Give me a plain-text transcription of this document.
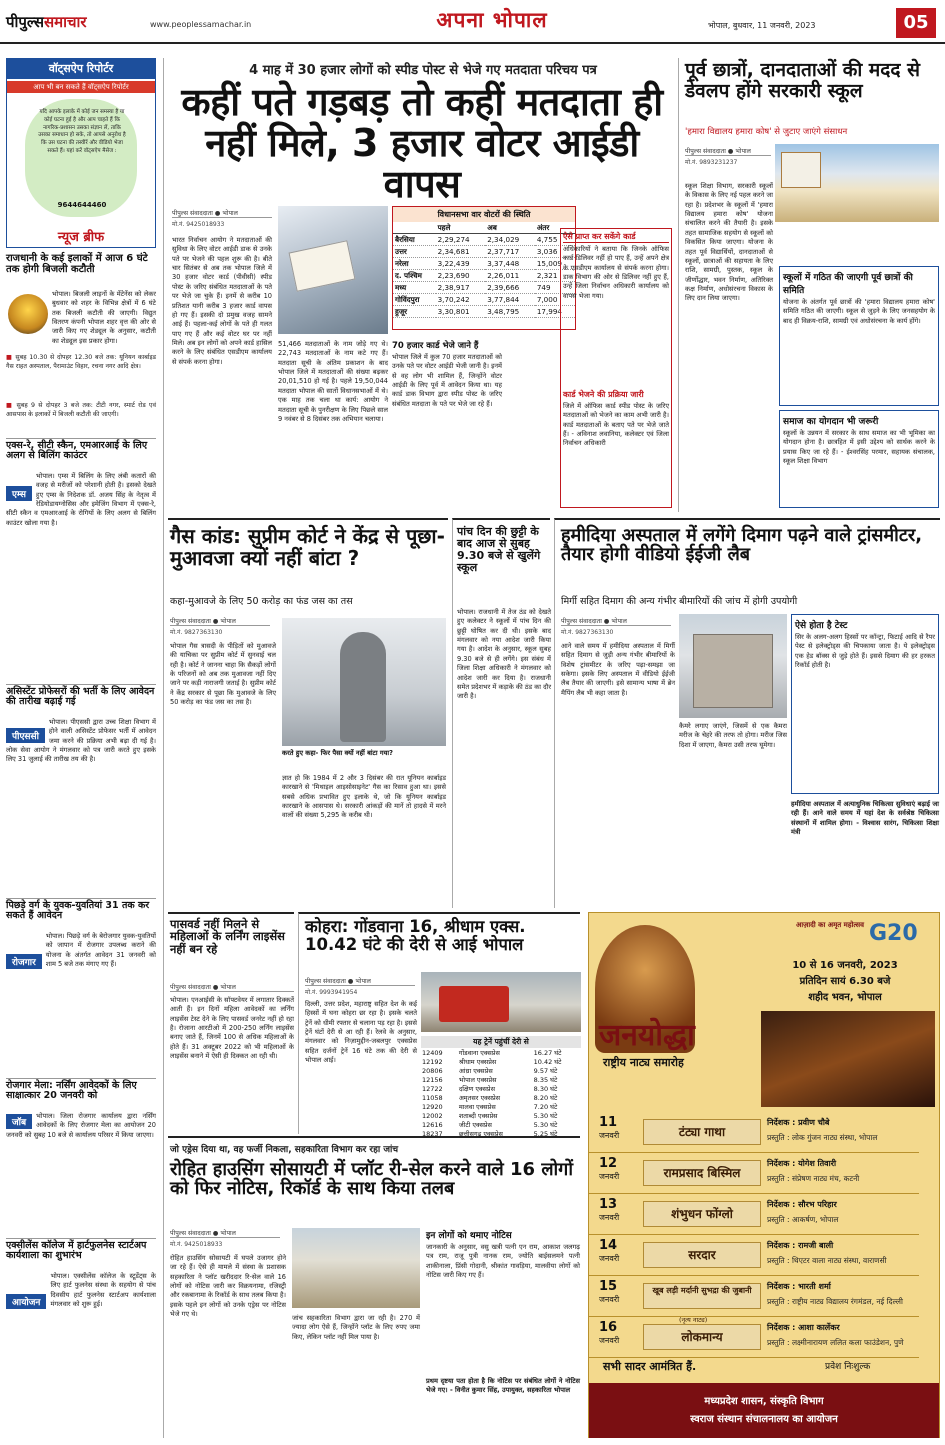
पीपुल्ससमाचार	www.peoplessamachar.in	अपना भोपाल	भोपाल, बुधवार, 11 जनवरी, 2023	05
वॉट्सऐप रिपोर्टर
आप भी बन सकते हैं वॉट्सऐप रिपोर्टर
यदि आपके इलाके में कोई जन समस्या है या कोई घटना हुई है और आप चाहते हैं कि नागरिक-प्रशासन उसका संज्ञान लें, ताकि उसका समाधान हो सके, तो आपसे अनुरोध है कि उस घटना की तस्वीरें और वीडियो भेजा सकते हैं। यहां करें वॉट्सऐप मैसेज :
9644644460
न्यूज ब्रीफ
राजधानी के कई इलाकों में आज 6 घंटे तक होगी बिजली कटौती
भोपाल। बिजली लाइनों के मेंटेनेंस को लेकर बुधवार को शहर के विभिन्न क्षेत्रों में 6 घंटे तक बिजली कटौती की जाएगी। विद्युत वितरण कंपनी भोपाल शहर वृत्त की ओर से जारी किए गए शेड्यूल के अनुसार, कटौती का शेड्यूल इस प्रकार होगा।
■ सुबह 10.30 से दोपहर 12.30 बजे तक: यूनियन कार्बाइड गैस राहत अस्पताल, पैरामाउंट विहार, रचना नगर आदि क्षेत्र।
■ सुबह 9 से दोपहर 3 बजे तक: टीटी नगर, स्मार्ट रोड एवं आसपास के इलाकों में बिजली कटौती की जाएगी।
एक्स-रे, सीटी स्कैन, एमआरआई के लिए अलग से बिलिंग काउंटर
एम्स
भोपाल। एम्स में बिलिंग के लिए लंबी कतारों की वजह से मरीजों को परेशानी होती है। इसको देखते हुए एम्स के निदेशक डॉ. अजय सिंह के नेतृत्व में रेडियोडायग्नोसिस और इमेजिंग विभाग में एक्स-रे, सीटी स्कैन व एमआरआई के रोगियों के लिए अलग से बिलिंग काउंटर खोला गया है।
असिस्टेंट प्रोफेसरों की भर्ती के लिए आवेदन की तारीख बढ़ाई गई
पीएससी
भोपाल। पीएससी द्वारा उच्च शिक्षा विभाग में होने वाली असिस्टेंट प्रोफेसर भर्ती में आवेदन जमा करने की प्रक्रिया अभी बढ़ा दी गई है। लोक सेवा आयोग ने मंगलवार को पत्र जारी करते हुए इसके लिए 31 जुलाई की तारीख तय की है।
पिछड़े वर्ग के युवक-युवतियां 31 तक कर सकते हैं आवेदन
रोजगार
भोपाल। पिछड़े वर्ग के बेरोजगार युवक-युवतियों को जापान में रोजगार उपलब्ध कराने की योजना के अंतर्गत आवेदन 31 जनवरी को शाम 5 बजे तक मंगाए गए हैं।
रोजगार मेला: नर्सिंग आवेदकों के लिए साक्षात्कार 20 जनवरी को
जॉब
भोपाल। जिला रोजगार कार्यालय द्वारा नर्सिंग आवेदकों के लिए रोजगार मेला का आयोजन 20 जनवरी को सुबह 10 बजे से कार्यालय परिसर में किया जाएगा।
एक्सीलेंस कॉलेज में हार्टफुलनेस स्टार्टअप कार्यशाला का शुभारंभ
आयोजन
भोपाल। एक्सीलेंस कॉलेज के स्टूडेंट्स के लिए हार्ट फुलनेस संस्था के सहयोग से पांच दिवसीय हार्ट फुलनेस स्टार्टअप कार्यशाला मंगलवार को शुरू हुई।
4 माह में 30 हजार लोगों को स्पीड पोस्ट से भेजे गए मतदाता परिचय पत्र
कहीं पते गड़बड़ तो कहीं मतदाता ही नहीं मिले, 3 हजार वोटर आईडी वापस
पीपुल्स संवाददाता ● भोपाल
मो.नं. 9425018933
भारत निर्वाचन आयोग ने मतदाताओं की सुविधा के लिए वोटर आईडी डाक से उनके पते पर भेजने की पहल शुरू की है। बीते चार सितंबर से अब तक भोपाल जिले में 30 हजार वोटर कार्ड (पीवीसी) स्पीड पोस्ट के जरिए संबंधित मतदाताओं के पते पर भेजे जा चुके हैं। इनमें से करीब 10 प्रतिशत यानी करीब 3 हजार कार्ड वापस हो गए हैं। इसकी दो प्रमुख वजह सामने आई हैं। पहला-कई लोगों के पते ही गलत पाए गए हैं और कई वोटर घर पर नहीं मिले। अब इन लोगों को अपने कार्ड हासिल करने के लिए संबंधित एसडीएम कार्यालय से संपर्क करना होगा।
51,466 मतदाताओं के नाम जोड़े गए थे। 22,743 मतदाताओं के नाम कटे गए हैं। मतदाता सूची के अंतिम प्रकाशन के बाद भोपाल जिले में मतदाताओं की संख्या बढ़कर 20,01,510 हो गई है। पहले 19,50,044 मतदाता भोपाल की सातों विधानसभाओं में थे। एक माह तक चला था कार्य: आयोग ने मतदाता सूची के पुनरीक्षण के लिए पिछले साल 9 नवंबर से 8 दिसंबर तक अभियान चलाया।
विधानसभा वार वोटरों की स्थिति
	पहले	अब	अंतर
बैरसिया	2,29,274	2,34,029	4,755
उत्तर	2,34,681	2,37,717	3,036
नरेला	3,22,439	3,37,448	15,009
द. पश्चिम	2,23,690	2,26,011	2,321
मध्य	2,38,917	2,39,666	749
गोविंदपुरा	3,70,242	3,77,844	7,000
हुजूर	3,30,801	3,48,795	17,994
70 हजार कार्ड भेजे जाने हैं
भोपाल जिले में कुल 70 हजार मतदाताओं को उनके पते पर वोटर आईडी भेजी जानी है। इनमें से वह लोग भी शामिल हैं, जिन्होंने वोटर आईडी के लिए पूर्व में आवेदन किया था। यह कार्ड डाक विभाग द्वारा स्पीड पोस्ट के जरिए संबंधित मतदाता के पते पर भेजे जा रहे हैं।
ऐसे प्राप्त कर सकेंगे कार्ड
अधिकारियों ने बताया कि जिनके ऑफिस कार्ड डिलिवर नहीं हो पाए हैं, उन्हें अपने क्षेत्र के एसडीएम कार्यालय से संपर्क करना होगा। डाक विभाग की ओर से डिलिवर नहीं हुए हैं, उन्हें जिला निर्वाचन अधिकारी कार्यालय को वापस भेजा गया।
कार्ड भेजने की प्रक्रिया जारी
जिले में ऑफिस कार्ड स्पीड पोस्ट के जरिए मतदाताओं को भेजने का काम अभी जारी है। कार्ड मतदाताओं के बताए पते पर भेजे जाते हैं। - अविनाश लवानिया, कलेक्टर एवं जिला निर्वाचन अधिकारी
पूर्व छात्रों, दानदाताओं की मदद से डेवलप होंगे सरकारी स्कूल
'हमारा विद्यालय हमारा कोष' से जुटाए जाएंगे संसाधन
पीपुल्स संवाददाता ● भोपाल
मो.नं. 9893231237
स्कूल शिक्षा विभाग, सरकारी स्कूलों के विकास के लिए नई पहल करने जा रहा है। प्रदेशभर के स्कूलों में 'हमारा विद्यालय हमारा कोष' योजना संचालित करने की तैयारी है। इसके तहत सामाजिक सहयोग से स्कूलों को विकसित किया जाएगा। योजना के तहत पूर्व विद्यार्थियों, दानदाताओं से स्कूलों, छात्राओं की सहायता के लिए राशि, सामग्री, पुस्तक, स्कूल के जीर्णोद्धार, भवन निर्माण, अतिरिक्त कक्ष निर्माण, अधोसंरचना विकास के लिए दान लिया जाएगा।
स्कूलों में गठित की जाएगी पूर्व छात्रों की समिति
योजना के अंतर्गत पूर्व छात्रों की 'हमारा विद्यालय हमारा कोष' समिति गठित की जाएगी। स्कूल से जुड़ने के लिए जनसहयोग के बाद ही विक्रय-राशि, सामग्री एवं अधोसंरचना के कार्य होंगे।
समाज का योगदान भी जरूरी
स्कूलों के उन्नयन में सरकार के साथ समाज का भी भूमिका का योगदान होना है। छात्रहित में इसी उद्देश्य को सार्थक करने के प्रयास किए जा रहे हैं। - ईश्वरसिंह परमार, सहायक संचालक, स्कूल शिक्षा विभाग
गैस कांड: सुप्रीम कोर्ट ने केंद्र से पूछा-मुआवजा क्यों नहीं बांटा ?
कहा-मुआवजे के लिए 50 करोड़ का फंड जस का तस
पीपुल्स संवाददाता ● भोपाल
मो.नं. 9827363130
भोपाल गैस त्रासदी के पीड़ितों को मुआवजे की याचिका पर सुप्रीम कोर्ट में सुनवाई चल रही है। कोर्ट ने जानना चाहा कि सैकड़ों लोगों के परिजनों को अब तक मुआवजा नहीं दिए जाने पर कड़ी नाराजगी जताई है। सुप्रीम कोर्ट ने केंद्र सरकार से पूछा कि मुआवजे के लिए 50 करोड़ का फंड जस का तस है।
करते हुए कहा- फिर पैसा क्यों नहीं बांटा गया?
ज्ञात हो कि 1984 में 2 और 3 दिसंबर की रात यूनियन कार्बाइड कारखाने से 'मिथाइल आइसोसाइनेट' गैस का रिसाव हुआ था। इससे सबसे अधिक प्रभावित हुए इलाके थे, जो कि यूनियन कार्बाइड कारखाने के आसपास थे। सरकारी आंकड़ों की मानें तो हादसे में मरने वालों की संख्या 5,295 के करीब थी।
पांच दिन की छुट्टी के बाद आज से सुबह 9.30 बजे से खुलेंगे स्कूल
भोपाल। राजधानी में तेज ठंड को देखते हुए कलेक्टर ने स्कूलों में पांच दिन की छुट्टी घोषित कर दी थी। इसके बाद मंगलवार को नया आदेश जारी किया गया है। आदेश के अनुसार, स्कूल सुबह 9.30 बजे से ही लगेंगे। इस संबंध में जिला शिक्षा अधिकारी ने मंगलवार को आदेश जारी कर दिया है। राजधानी समेत प्रदेशभर में कड़ाके की ठंड का दौर जारी है।
हमीदिया अस्पताल में लगेंगे दिमाग पढ़ने वाले ट्रांसमीटर, तैयार होगी वीडियो ईईजी लैब
मिर्गी सहित दिमाग की अन्य गंभीर बीमारियों की जांच में होगी उपयोगी
पीपुल्स संवाददाता ● भोपाल
मो.नं. 9827363130
आने वाले समय में हमीदिया अस्पताल में मिर्गी सहित दिमाग से जुड़ी अन्य गंभीर बीमारियों के विशेष ट्रांसमीटर के जरिए पढ़ा-समझा जा सकेगा। इसके लिए अस्पताल में वीडियो ईईजी लैब तैयार की जाएगी। इसे सामान्य भाषा में ब्रेन मैपिंग लैब भी कहा जाता है।
कैमरे लगाए जाएंगे, जिसमें से एक कैमरा मरीज के चेहरे की तरफ तो होगा। मरीज जिस दिशा में जाएगा, कैमरा उसी तरफ घूमेगा।
ऐसे होता है टेस्ट
सिर के अलग-अलग हिस्सों पर कॉन्ट्रा, फिटाई आदि से रैपर पेस्ट से इलेक्ट्रोड्स की चिपकाया जाता है। ये इलेक्ट्रोड्स एक हेड बॉक्स से जुड़े होते हैं। इससे दिमाग की हर हरकत रिकॉर्ड होती है।
हमीदिया अस्पताल में अत्याधुनिक चिकित्सा सुविधाएं बढ़ाई जा रही हैं। आने वाले समय में यहां देश के सर्वश्रेष्ठ चिकित्सा संस्थानों में शामिल होगा। - विश्वास सारंग, चिकित्सा शिक्षा मंत्री
पासवर्ड नहीं मिलने से महिलाओं के लर्निंग लाइसेंस नहीं बन रहे
पीपुल्स संवाददाता ● भोपाल
भोपाल। एनआईसी के सॉफ्टवेयर में लगातार दिक्कतें आती हैं। इन दिनों महिला आवेदकों का लर्निंग लाइसेंस टेस्ट देने के लिए पासवर्ड जनरेट नहीं हो रहा है। रोजाना आरटीओ में 200-250 लर्निंग लाइसेंस बनाए जाते हैं, जिनमें 100 से अधिक महिलाओं के होते हैं। 31 अक्टूबर 2022 को भी महिलाओं के लाइसेंस बनाने में ऐसी ही दिक्कत आ रही थी।
कोहरा: गोंडवाना 16, श्रीधाम एक्स. 10.42 घंटे की देरी से आई भोपाल
पीपुल्स संवाददाता ● भोपाल
मो.नं. 9993941954
दिल्ली, उत्तर प्रदेश, महाराष्ट्र सहित देश के कई हिस्सों में घना कोहरा छा रहा है। इसके चलते ट्रेनें को धीमी रफ्तार से चलाना पड़ रहा है। इससे ट्रेनें घंटों देरी से आ रही हैं। रेलवे के अनुसार, मंगलवार को निज़ामुद्दीन-जबलपुर एक्सप्रेस सहित दर्जनों ट्रेनें 16 घंटे तक की देरी से भोपाल आई।
यह ट्रेनें पहुंचीं देरी से
12409	गोंडवाना एक्सप्रेस	16.27 घंटे
12192	श्रीधाम एक्सप्रेस	10.42 घंटे
20806	आंध्रा एक्सप्रेस	9.57 घंटे
12156	भोपाल एक्सप्रेस	8.35 घंटे
12722	दक्षिण एक्सप्रेस	8.30 घंटे
11058	अमृतसर एक्सप्रेस	8.20 घंटे
12920	मालवा एक्सप्रेस	7.20 घंटे
12002	शताब्दी एक्सप्रेस	5.30 घंटे
12616	जीटी एक्सप्रेस	5.30 घंटे
18237	छत्तीसगढ़ एक्सप्रेस	5.25 घंटे
जो एड्रेस दिया था, वह फर्जी निकला, सहकारिता विभाग कर रहा जांच
रोहित हाउसिंग सोसायटी में प्लॉट री-सेल करने वाले 16 लोगों को फिर नोटिस, रिकॉर्ड के साथ किया तलब
पीपुल्स संवाददाता ● भोपाल
मो.नं. 9425018933
रोहित हाउसिंग सोसायटी में घपले उजागर होने जा रहे हैं। ऐसे ही मामले में संस्था के प्रशासक सहकारिता ने प्लॉट खरीददार रि-सेल वाले 16 लोगों को नोटिस जारी कर विक्रयनामा, रजिस्ट्री और रकबानामा के रिकॉर्ड के साथ तलब किया है। इसके पहले इन लोगों को उनके एड्रेस पर नोटिस भेजे गए थे।	जांच सहकारिता विभाग द्वारा जा रही है। 270 में ज्यादा लोग ऐसे हैं, जिन्होंने प्लॉट के लिए रुपए जमा किए, लेकिन प्लॉट नहीं मिल पाया है।
इन लोगों को थमाए नोटिस
जानकारी के अनुसार, वसु खत्री पत्नी एन राम, आकाश जलगढ़ पत्र राम, राजू पुत्री नानक राम, ज्योति बाईसलमने पत्नी शाकीनाला, प्रिंसी गोदानी, श्रीकांत गावड़िया, मालवीया लोगों को नोटिस जारी किए गए हैं।
प्रथम दृष्टया पता होता है कि नोटिस पर संबंधित लोगों ने नोटिस भेजे गए। - विनीत कुमार सिंह, उपायुक्त, सहकारिता भोपाल
आज़ादी का अमृत महोत्सव G20
10 से 16 जनवरी, 2023
प्रतिदिन सायं 6.30 बजे
शहीद भवन, भोपाल
जनयोद्धा
राष्ट्रीय नाट्य समारोह
11
जनवरी	टंट्या गाथा
निर्देशक : प्रवीण चौबे
प्रस्तुति : लोक गुंजन नाट्य संस्था, भोपाल
12
जनवरी	रामप्रसाद बिस्मिल
निर्देशक : योगेश तिवारी
प्रस्तुति : संप्रेषण नाट्य मंच, कटनी
13
जनवरी	शंभुधन फोंग्लो
निर्देशक : सौरभ परिहार
प्रस्तुति : आकर्षण, भोपाल
14
जनवरी	सरदार
निर्देशक : रामजी बाली
प्रस्तुति : थिएटर वाला नाट्य संस्था, वाराणसी
15
जनवरी
खूब लड़ी मर्दानी सुभद्रा की जुबानी	निर्देशक : भारती शर्मा
प्रस्तुति : राष्ट्रीय नाट्य विद्यालय रंगमंडल, नई दिल्ली
16
जनवरी	लोकमान्य
निर्देशक : आशा कार्लेकर
प्रस्तुति : लक्ष्मीनारायण ललित कला फाउंडेशन, पुणे
(नृत्य नाट्य)
सभी सादर आमंत्रित हैं.	प्रवेश निःशुल्क
मध्यप्रदेश शासन, संस्कृति विभाग
स्वराज संस्थान संचालनालय का आयोजन
